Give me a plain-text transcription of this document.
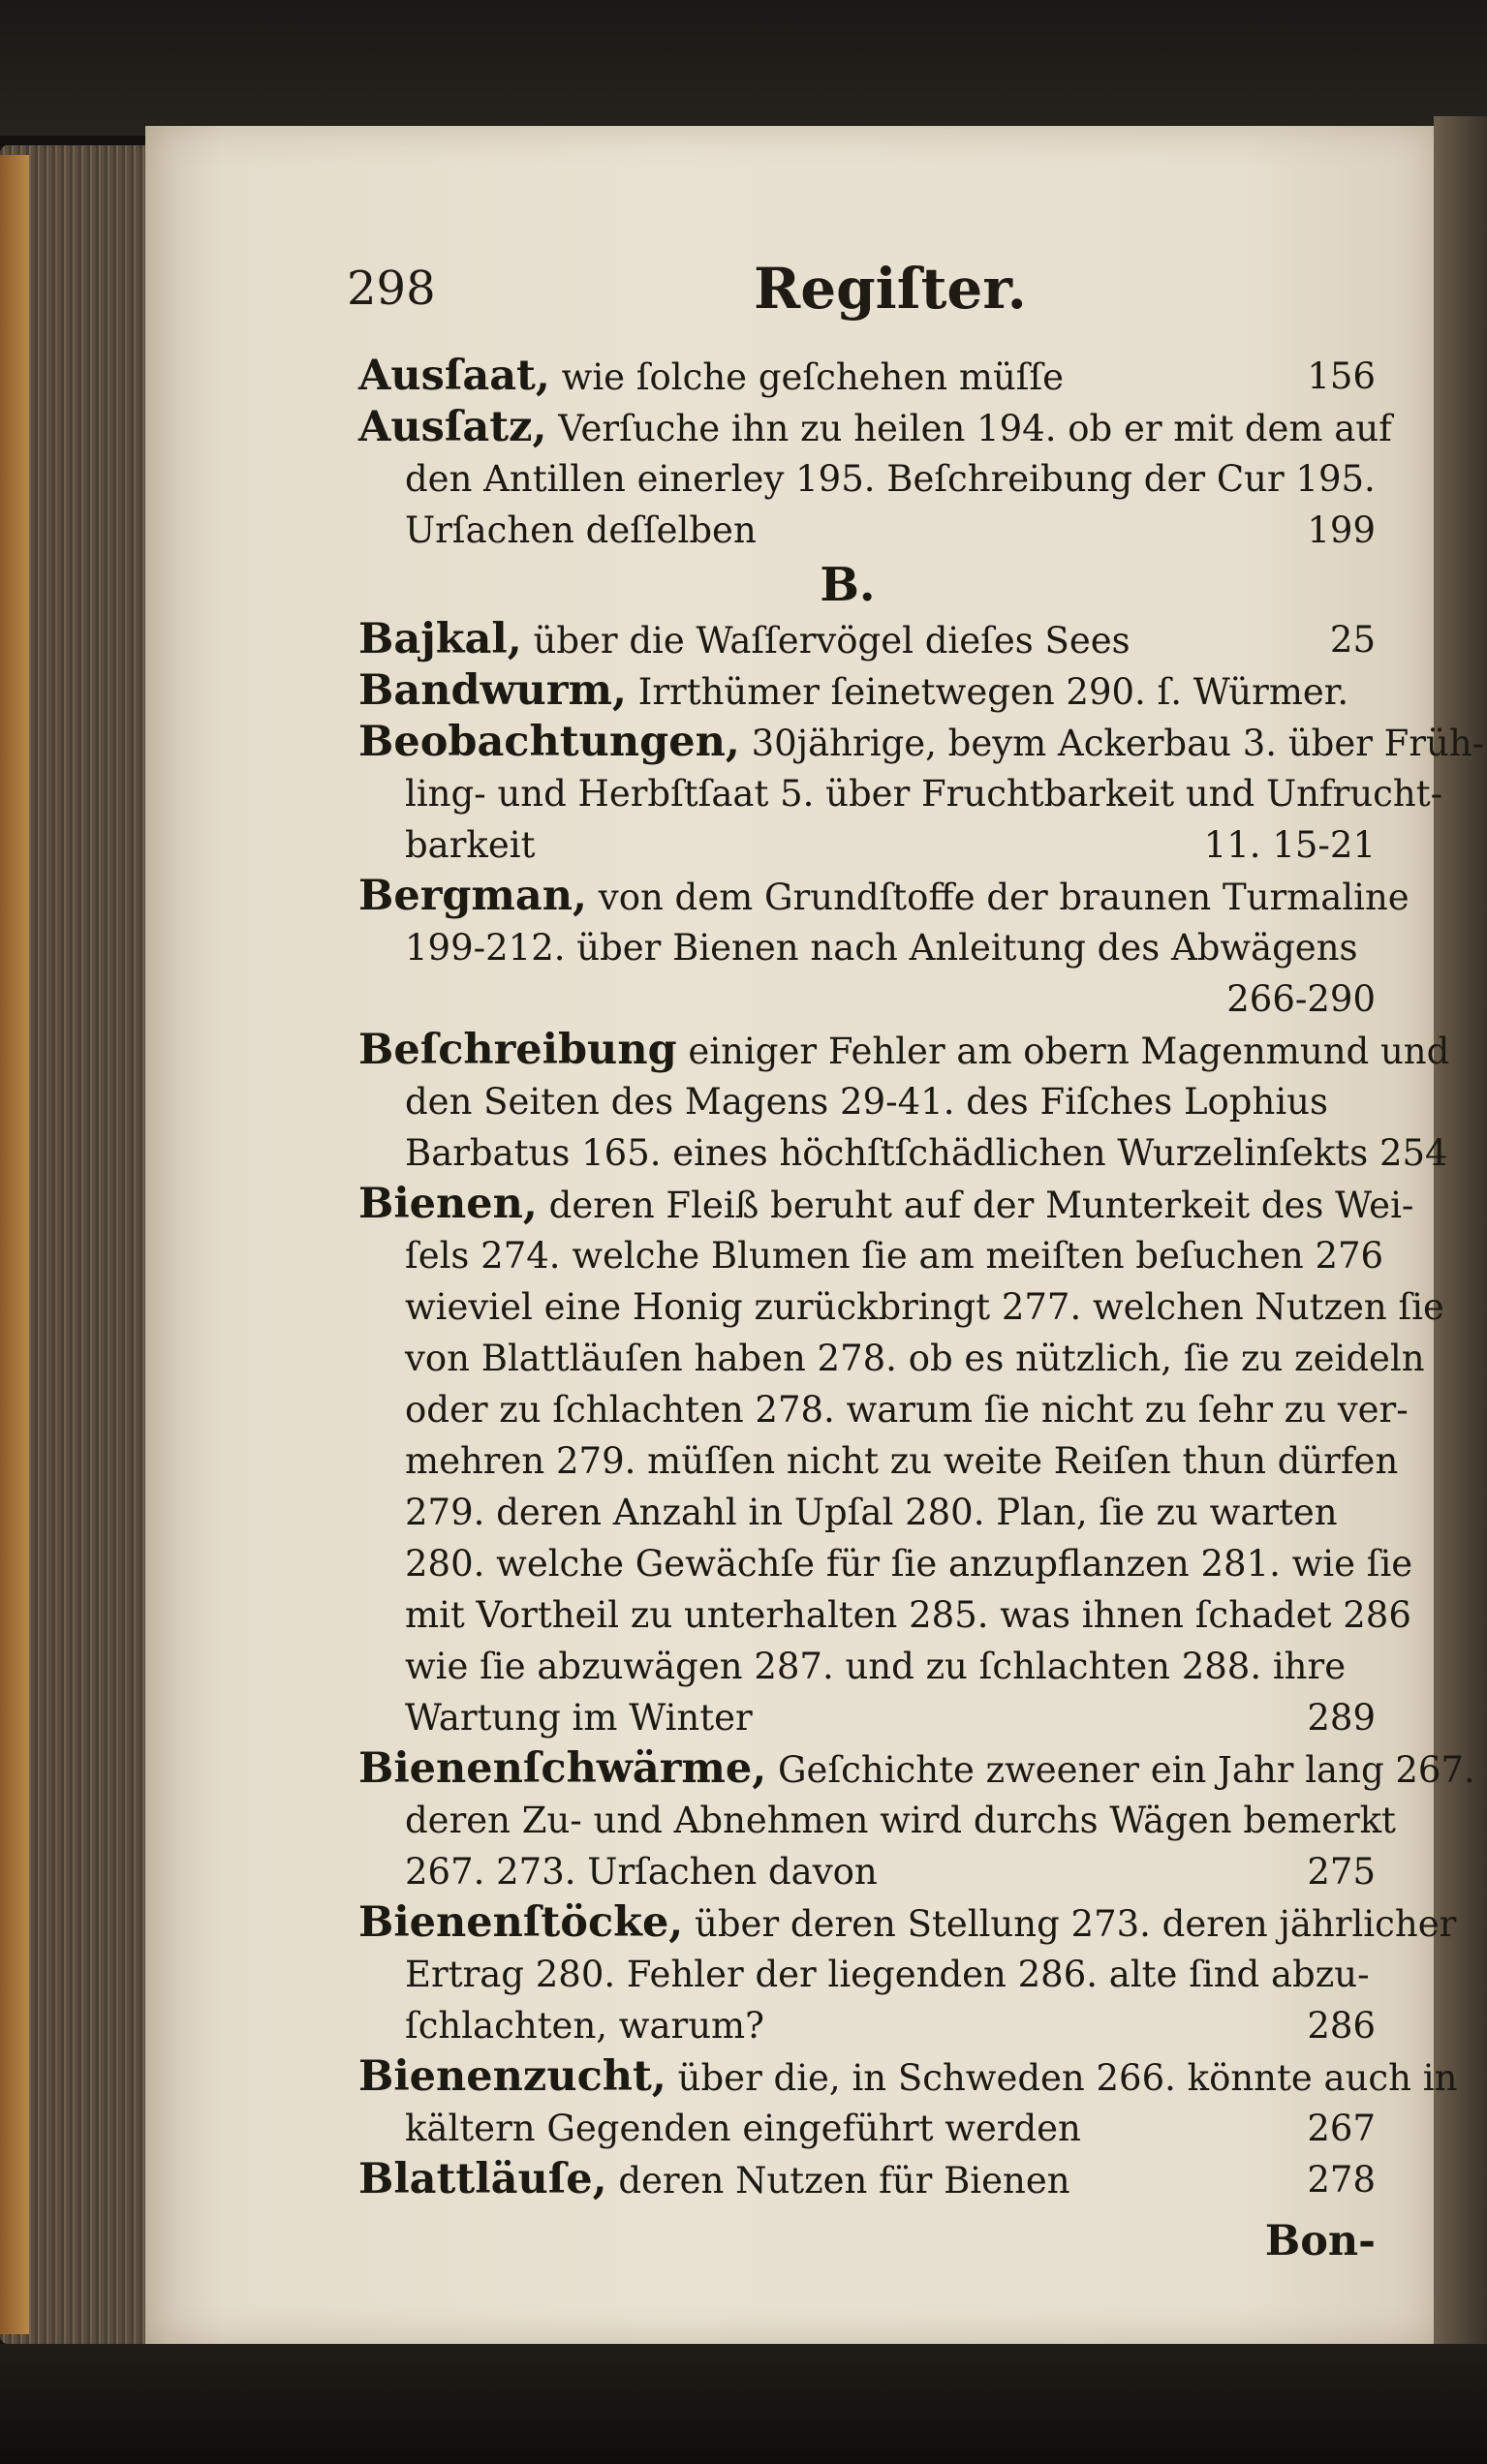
298	Regiſter.
Ausſaat, wie ſolche geſchehen müſſe	156
Ausſatz, Verſuche ihn zu heilen 194. ob er mit dem auf
den Antillen einerley 195. Beſchreibung der Cur 195.
Urſachen deſſelben	199
B.
Bajkal, über die Waſſervögel dieſes Sees	25
Bandwurm, Irrthümer ſeinetwegen 290. ſ. Würmer.
Beobachtungen, 30jährige, beym Ackerbau 3. über Früh-
ling- und Herbſtſaat 5. über Fruchtbarkeit und Unfrucht-
barkeit	11. 15-21
Bergman, von dem Grundſtoffe der braunen Turmaline
199-212. über Bienen nach Anleitung des Abwägens
266-290
Beſchreibung einiger Fehler am obern Magenmund und
den Seiten des Magens 29-41. des Fiſches Lophius
Barbatus 165. eines höchſtſchädlichen Wurzelinſekts 254
Bienen, deren Fleiß beruht auf der Munterkeit des Wei-
ſels 274. welche Blumen ſie am meiſten beſuchen 276
wieviel eine Honig zurückbringt 277. welchen Nutzen ſie
von Blattläuſen haben 278. ob es nützlich, ſie zu zeideln
oder zu ſchlachten 278. warum ſie nicht zu ſehr zu ver-
mehren 279. müſſen nicht zu weite Reiſen thun dürfen
279. deren Anzahl in Upſal 280. Plan, ſie zu warten
280. welche Gewächſe für ſie anzupflanzen 281. wie ſie
mit Vortheil zu unterhalten 285. was ihnen ſchadet 286
wie ſie abzuwägen 287. und zu ſchlachten 288. ihre
Wartung im Winter	289
Bienenſchwärme, Geſchichte zweener ein Jahr lang 267.
deren Zu- und Abnehmen wird durchs Wägen bemerkt
267. 273. Urſachen davon	275
Bienenſtöcke, über deren Stellung 273. deren jährlicher
Ertrag 280. Fehler der liegenden 286. alte ſind abzu-
ſchlachten, warum?	286
Bienenzucht, über die, in Schweden 266. könnte auch in
kältern Gegenden eingeführt werden	267
Blattläuſe, deren Nutzen für Bienen	278
Bon-
